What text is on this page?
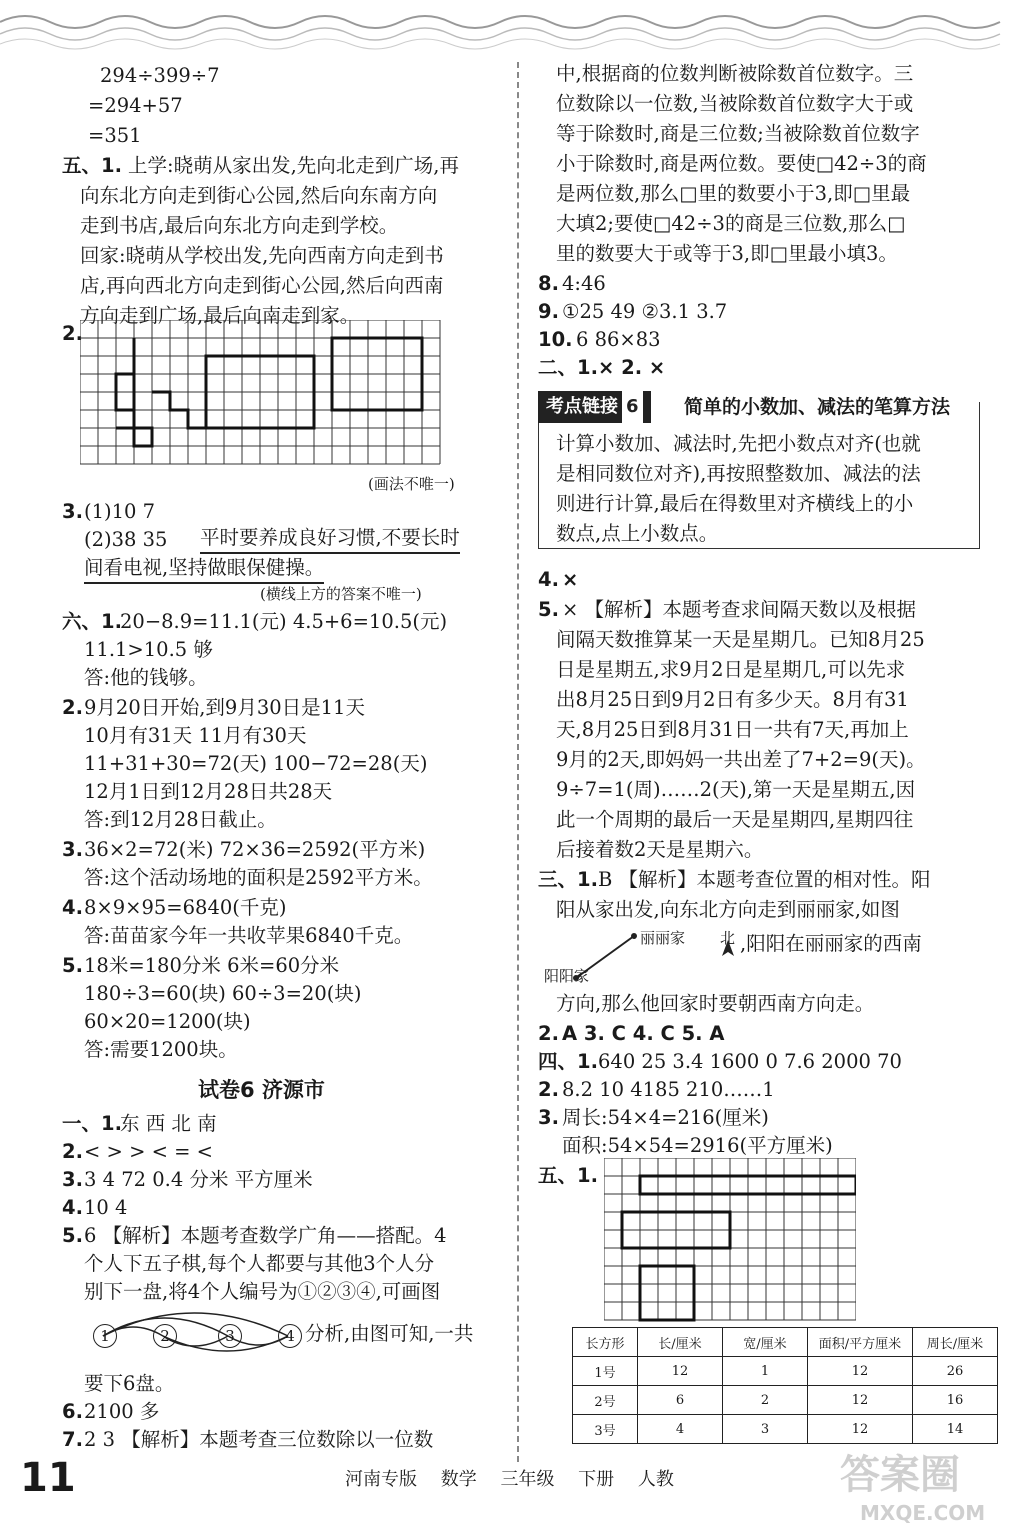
294÷399÷7
=294+57
=351
五、1. 上学:晓萌从家出发,先向北走到广场,再
向东北方向走到街心公园,然后向东南方向
走到书店,最后向东北方向走到学校。
回家:晓萌从学校出发,先向西南方向走到书
店,再向西北方向走到街心公园,然后向西南
方向走到广场,最后向南走到家。
2.
(画法不唯一)
3. (1)10 7
(2)38 35 平时要养成良好习惯,不要长时
间看电视,坚持做眼保健操。
(横线上方的答案不唯一)
六、1.
20−8.9=11.1(元) 4.5+6=10.5(元)
11.1>10.5 够
答:他的钱够。
2. 9月20日开始,到9月30日是11天
10月有31天 11月有30天
11+31+30=72(天) 100−72=28(天)
12月1日到12月28日共28天
答:到12月28日截止。
3. 36×2=72(米) 72×36=2592(平方米)
答:这个活动场地的面积是2592平方米。
4. 8×9×95=6840(千克)
答:苗苗家今年一共收苹果6840千克。
5. 18米=180分米 6米=60分米
180÷3=60(块) 60÷3=20(块)
60×20=1200(块)
答:需要1200块。
试卷6 济源市
一、1.
东 西 北 南
2. < > > < = <
3. 3 4 72 0.4 分米 平方厘米
4. 10 4
5. 6 【解析】本题考查数学广角——搭配。4
个人下五子棋,每个人都要与其他3个人分
别下一盘,将4个人编号为①②③④,可画图
1	2	3	4 分析,由图可知,一共
要下6盘。
6. 2100 多
7. 2 3 【解析】本题考查三位数除以一位数
中,根据商的位数判断被除数首位数字。三
位数除以一位数,当被除数首位数字大于或
等于除数时,商是三位数;当被除数首位数字
小于除数时,商是两位数。要使□42÷3的商
是两位数,那么□里的数要小于3,即□里最
大填2;要使□42÷3的商是三位数,那么□
里的数要大于或等于3,即□里最小填3。
8. 4:46
9. ①25 49 ②3.1 3.7
10. 6 86×83
二、1. × 2. ×
考点链接 6	简单的小数加、减法的笔算方法
计算小数加、减法时,先把小数点对齐(也就
是相同数位对齐),再按照整数加、减法的法
则进行计算,最后在得数里对齐横线上的小
数点,点上小数点。
4. ×
5. × 【解析】本题考查求间隔天数以及根据
间隔天数推算某一天是星期几。已知8月25
日是星期五,求9月2日是星期几,可以先求
出8月25日到9月2日有多少天。8月有31
天,8月25日到8月31日一共有7天,再加上
9月的2天,即妈妈一共出差了7+2=9(天)。
9÷7=1(周)……2(天),第一天是星期五,因
此一个周期的最后一天是星期四,星期四往
后接着数2天是星期六。
三、1. B 【解析】本题考查位置的相对性。阳
阳从家出发,向东北方向走到丽丽家,如图
丽丽家 北 ,阳阳在丽丽家的西南
阳阳家
方向,那么他回家时要朝西南方向走。
2. A 3. C 4. C 5. A
四、1. 640 25 3.4 1600 0 7.6 2000 70
2. 8.2 10 4185 210……1
3. 周长:54×4=216(厘米)
面积:54×54=2916(平方厘米)
五、1.
长方形	长/厘米	宽/厘米	面积/平方厘米	周长/厘米
1号	12	1	12	26
2号	6	2	12	16
3号	4	3	12	14
11	河南专版 数学 三年级 下册 人教	答案圈
MXQE.COM
